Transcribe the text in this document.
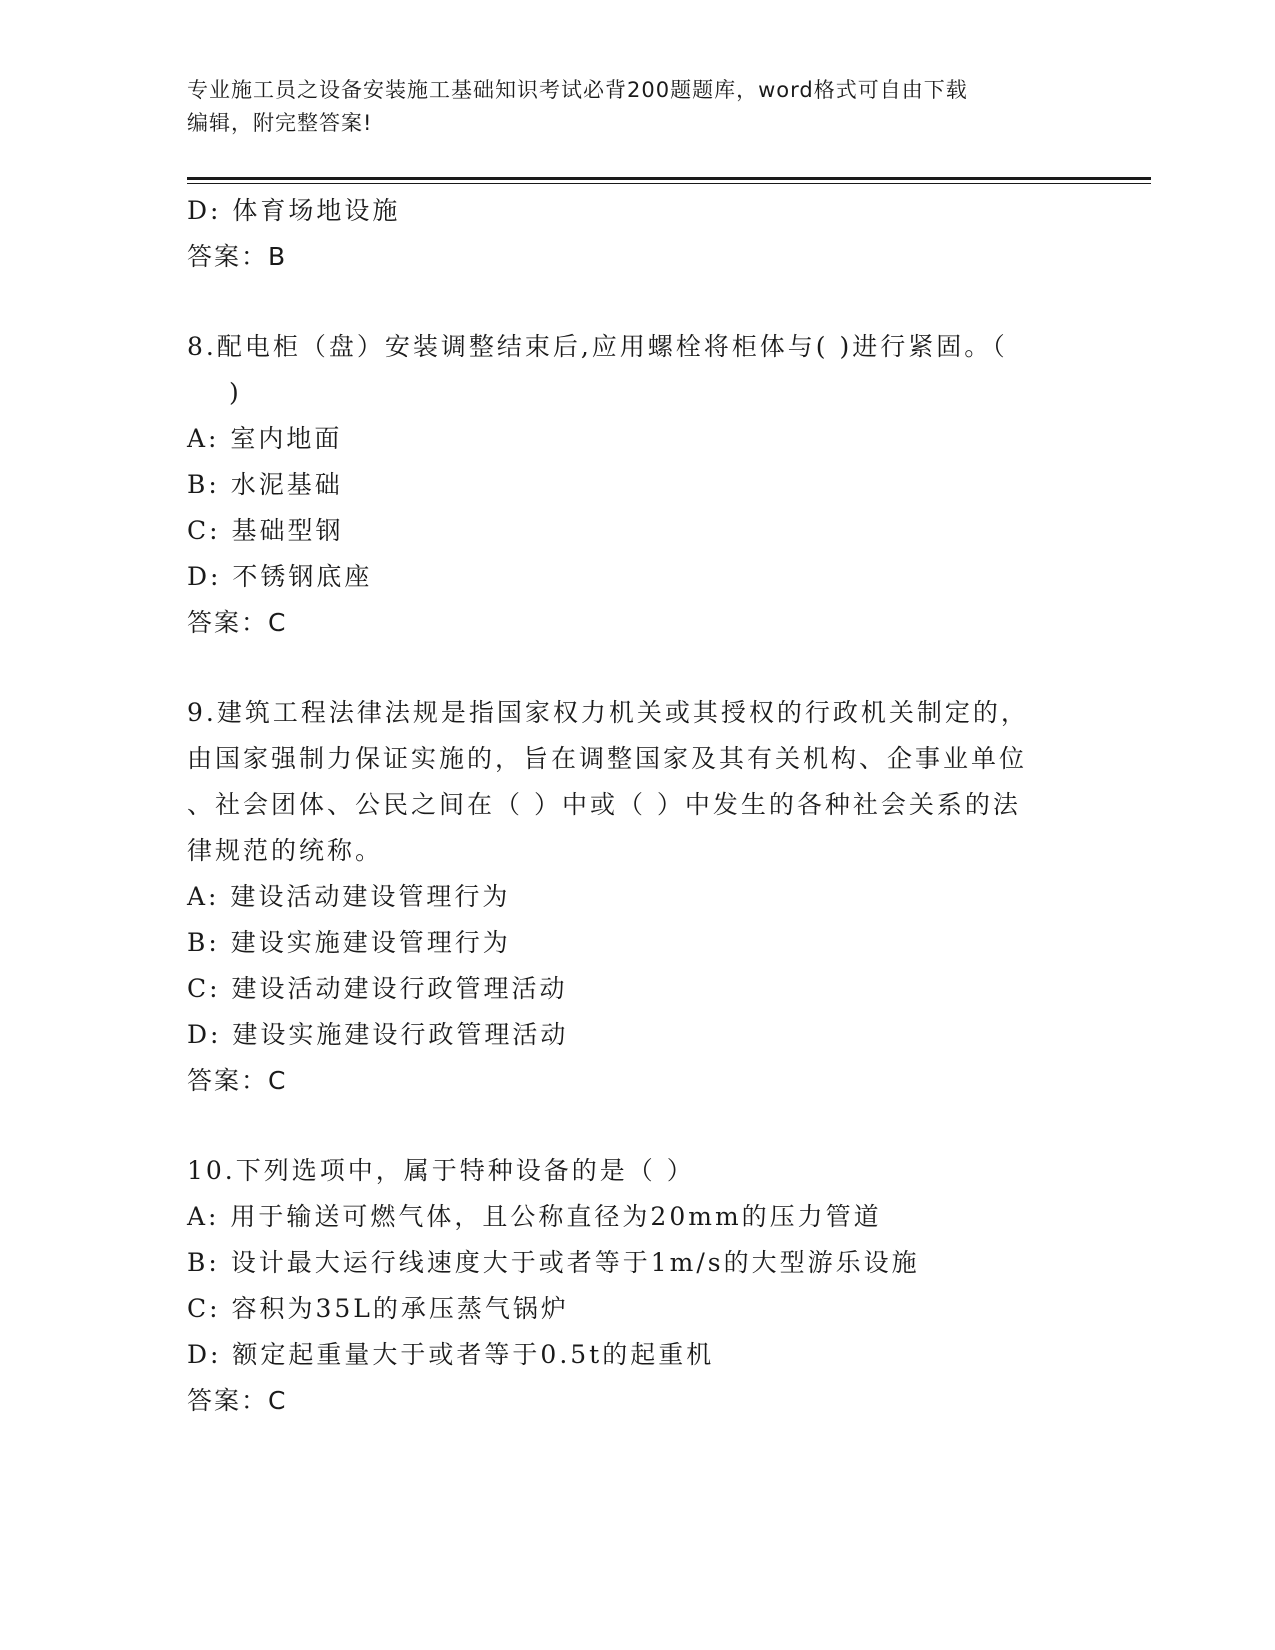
专业施工员之设备安装施工基础知识考试必背200题题库，word格式可自由下载
编辑，附完整答案!
D: 体育场地设施
答案：B
8.配电柜（盘）安装调整结束后,应用螺栓将柜体与( )进行紧固。（
)
A: 室内地面
B: 水泥基础
C: 基础型钢
D: 不锈钢底座
答案：C
9.建筑工程法律法规是指国家权力机关或其授权的行政机关制定的，
由国家强制力保证实施的，旨在调整国家及其有关机构、企事业单位
、社会团体、公民之间在（ ）中或（ ）中发生的各种社会关系的法
律规范的统称。
A: 建设活动建设管理行为
B: 建设实施建设管理行为
C: 建设活动建设行政管理活动
D: 建设实施建设行政管理活动
答案：C
10.下列选项中，属于特种设备的是（ ）
A: 用于输送可燃气体，且公称直径为20mm的压力管道
B: 设计最大运行线速度大于或者等于1m/s的大型游乐设施
C: 容积为35L的承压蒸气锅炉
D: 额定起重量大于或者等于0.5t的起重机
答案：C
